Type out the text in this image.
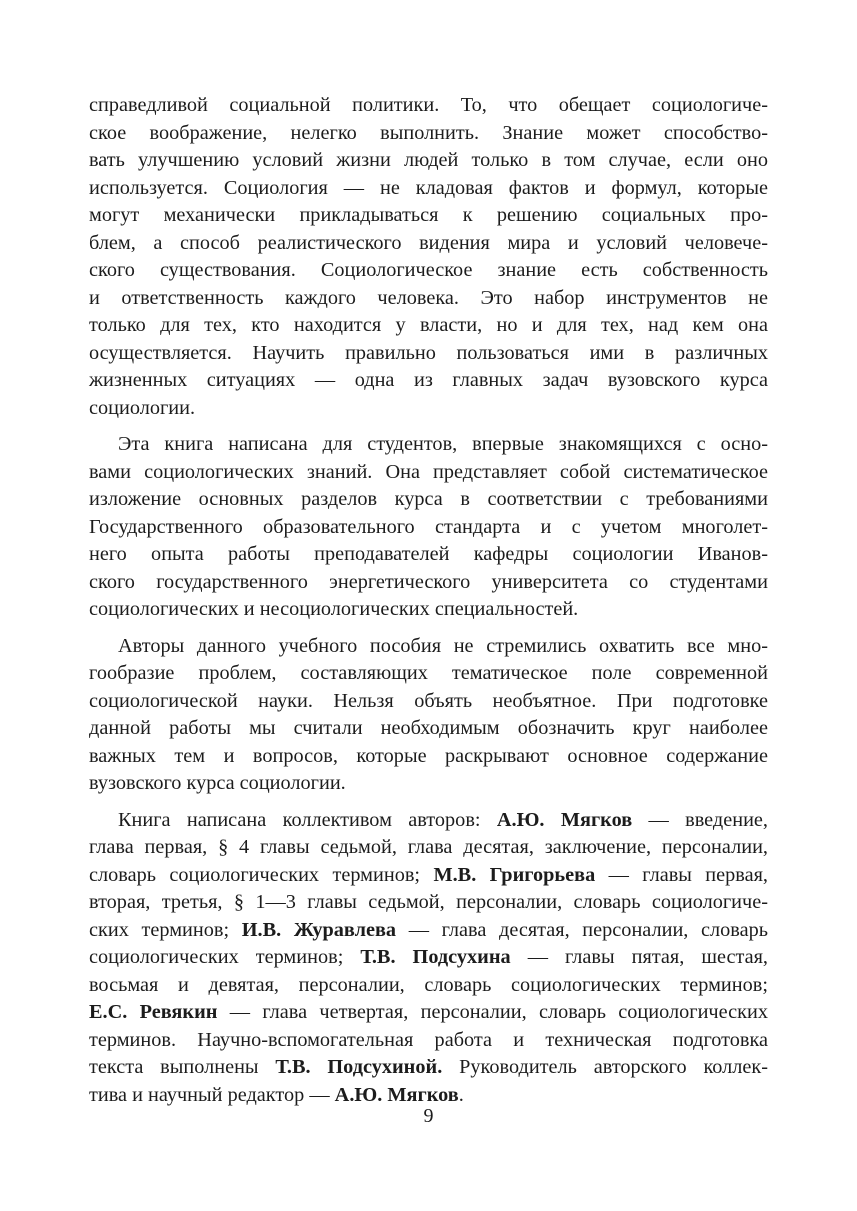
справедливой социальной политики. То, что обещает социологиче-
ское воображение, нелегко выполнить. Знание может способство-
вать улучшению условий жизни людей только в том случае, если оно
используется. Социология — не кладовая фактов и формул, которые
могут механически прикладываться к решению социальных про-
блем, а способ реалистического видения мира и условий человече-
ского существования. Социологическое знание есть собственность
и ответственность каждого человека. Это набор инструментов не
только для тех, кто находится у власти, но и для тех, над кем она
осуществляется. Научить правильно пользоваться ими в различных
жизненных ситуациях — одна из главных задач вузовского курса
социологии.
Эта книга написана для студентов, впервые знакомящихся с осно-
вами социологических знаний. Она представляет собой систематическое
изложение основных разделов курса в соответствии с требованиями
Государственного образовательного стандарта и с учетом многолет-
него опыта работы преподавателей кафедры социологии Иванов-
ского государственного энергетического университета со студентами
социологических и несоциологических специальностей.
Авторы данного учебного пособия не стремились охватить все мно-
гообразие проблем, составляющих тематическое поле современной
социологической науки. Нельзя объять необъятное. При подготовке
данной работы мы считали необходимым обозначить круг наиболее
важных тем и вопросов, которые раскрывают основное содержание
вузовского курса социологии.
Книга написана коллективом авторов: А.Ю. Мягков — введение,
глава первая, § 4 главы седьмой, глава десятая, заключение, персоналии,
словарь социологических терминов; М.В. Григорьева — главы первая,
вторая, третья, § 1—3 главы седьмой, персоналии, словарь социологиче-
ских терминов; И.В. Журавлева — глава десятая, персоналии, словарь
социологических терминов; Т.В. Подсухина — главы пятая, шестая,
восьмая и девятая, персоналии, словарь социологических терминов;
Е.С. Ревякин — глава четвертая, персоналии, словарь социологических
терминов. Научно-вспомогательная работа и техническая подготовка
текста выполнены Т.В. Подсухиной. Руководитель авторского коллек-
тива и научный редактор — А.Ю. Мягков.
9
